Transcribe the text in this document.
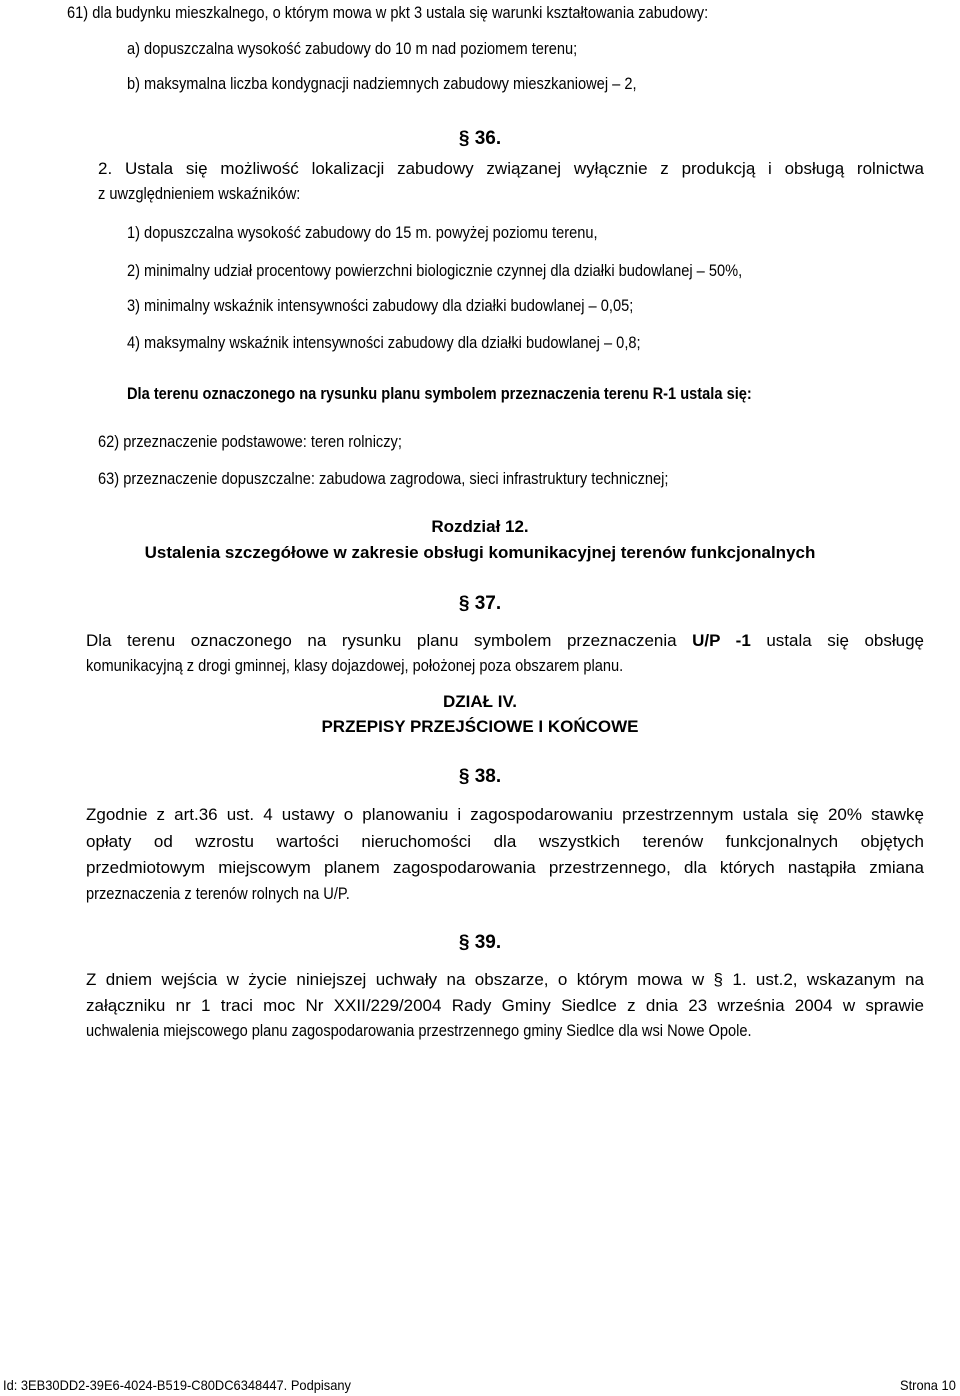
61) dla budynku mieszkalnego, o którym mowa w pkt 3 ustala się warunki kształtowania zabudowy:
a) dopuszczalna wysokość zabudowy do 10 m nad poziomem terenu;
b) maksymalna liczba kondygnacji nadziemnych zabudowy mieszkaniowej – 2,
§ 36.
2. Ustala się możliwość lokalizacji zabudowy związanej wyłącznie z produkcją i obsługą rolnictwa
z uwzględnieniem wskaźników:
1) dopuszczalna wysokość zabudowy do 15 m. powyżej poziomu terenu,
2) minimalny udział procentowy powierzchni biologicznie czynnej dla działki budowlanej – 50%,
3) minimalny wskaźnik intensywności zabudowy dla działki budowlanej – 0,05;
4) maksymalny wskaźnik intensywności zabudowy dla działki budowlanej – 0,8;
Dla terenu oznaczonego na rysunku planu symbolem przeznaczenia terenu R-1 ustala się:
62) przeznaczenie podstawowe: teren rolniczy;
63) przeznaczenie dopuszczalne: zabudowa zagrodowa, sieci infrastruktury technicznej;
Rozdział 12.
Ustalenia szczegółowe w zakresie obsługi komunikacyjnej terenów funkcjonalnych
§ 37.
Dla terenu oznaczonego na rysunku planu symbolem przeznaczenia U/P -1 ustala się obsługę
komunikacyjną z drogi gminnej, klasy dojazdowej, położonej poza obszarem planu.
DZIAŁ IV.
PRZEPISY PRZEJŚCIOWE I KOŃCOWE
§ 38.
Zgodnie z art.36 ust. 4 ustawy o planowaniu i zagospodarowaniu przestrzennym ustala się 20% stawkę
opłaty od wzrostu wartości nieruchomości dla wszystkich terenów funkcjonalnych objętych
przedmiotowym miejscowym planem zagospodarowania przestrzennego, dla których nastąpiła zmiana
przeznaczenia z terenów rolnych na U/P.
§ 39.
Z dniem wejścia w życie niniejszej uchwały na obszarze, o którym mowa w § 1. ust.2, wskazanym na
załączniku nr 1 traci moc Nr XXII/229/2004 Rady Gminy Siedlce z dnia 23 września 2004 w sprawie
uchwalenia miejscowego planu zagospodarowania przestrzennego gminy Siedlce dla wsi Nowe Opole.
Id: 3EB30DD2-39E6-4024-B519-C80DC6348447. Podpisany	Strona 10
